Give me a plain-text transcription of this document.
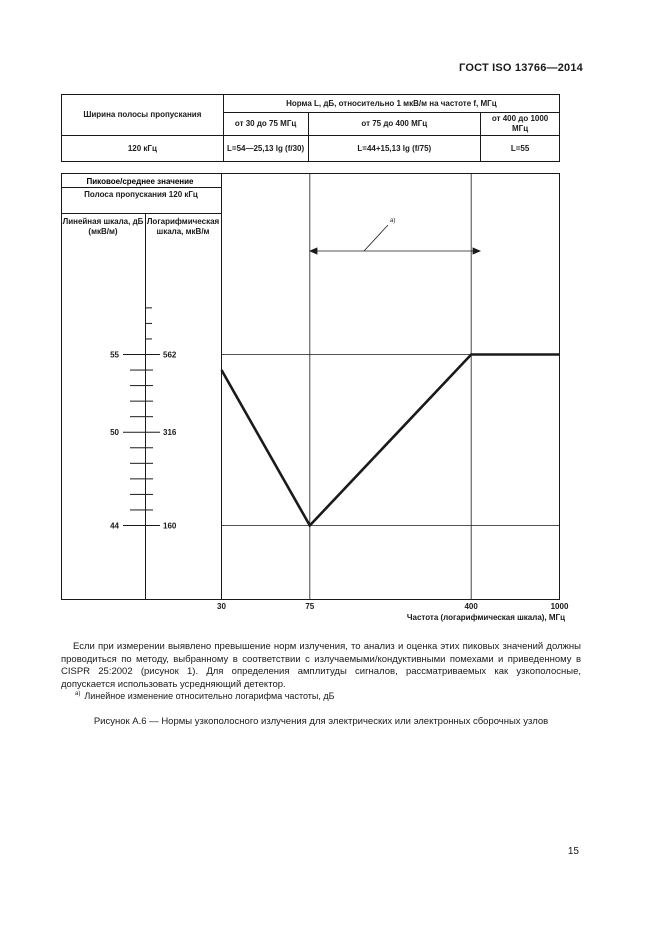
ГОСТ ISO 13766—2014
Ширина полосы пропускания	Норма L, дБ, относительно 1 мкВ/м на частоте f, МГц		
	от 30 до 75 МГц	от 75 до 400 МГц	от 400 до 1000 МГц
120 кГц	L=54—25,13 lg (f/30)	L=44+15,13 lg (f/75)	L=55
Пиковое/среднее значение
Полоса пропускания 120 кГц
Линейная шкала, дБ (мкВ/м)
Логарифмическая шкала, мкВ/м
55
50
44
562
316
160
30	75	400	1000
a)
Частота (логарифмическая шкала), МГц
Если при измерении выявлено превышение норм излучения, то анализ и оценка этих пиковых значений должны проводиться по методу, выбранному в соответствии с излучаемыми/кондуктивными помехами и приведенному в CISPR 25:2002 (рисунок 1). Для определения амплитуды сигналов, рассматриваемых как узкополосные, допускается использовать усредняющий детектор.
$^{a)}$ Линейное изменение относительно логарифма частоты, дБ
Рисунок А.6 — Нормы узкополосного излучения для электрических или электронных сборочных узлов
15
